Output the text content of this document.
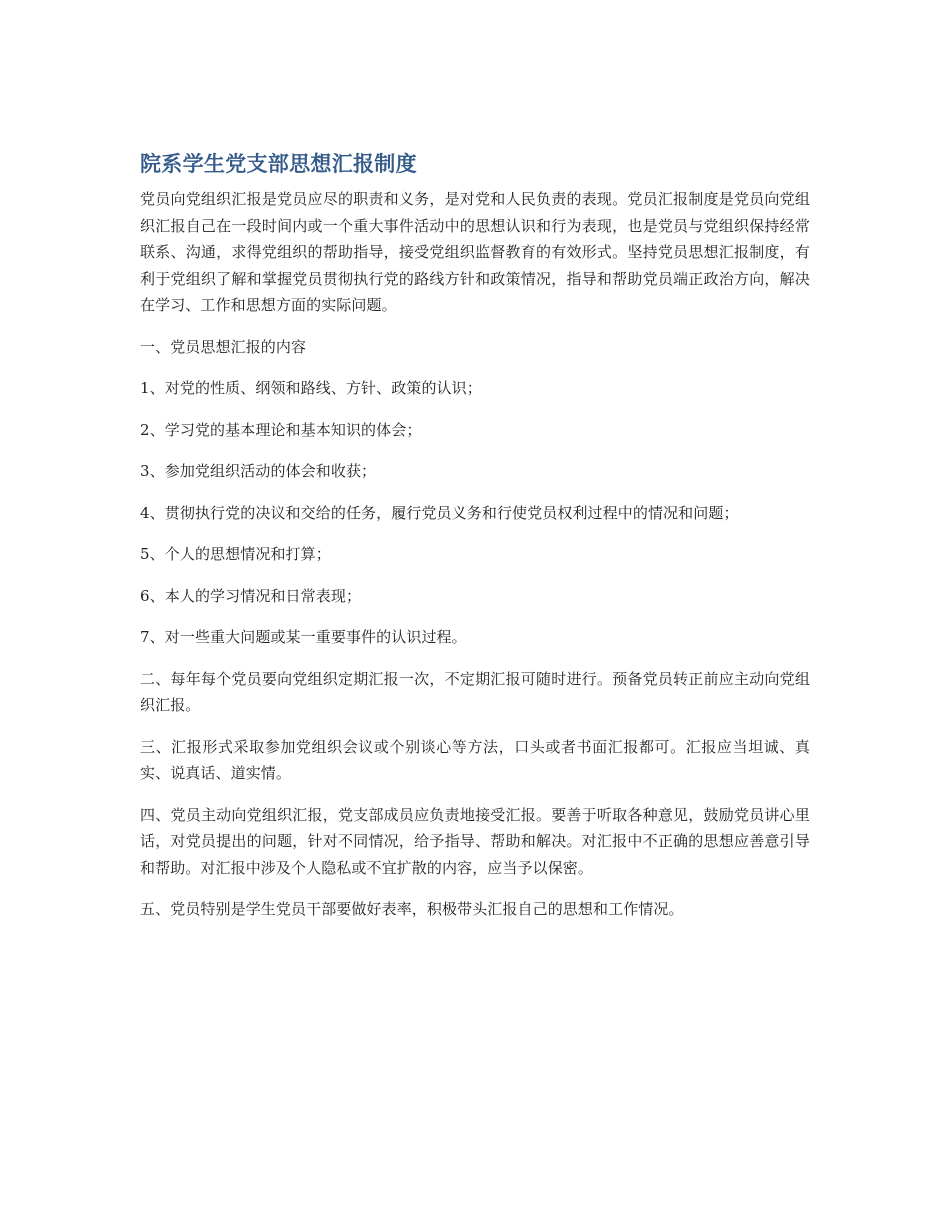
院系学生党支部思想汇报制度

党员向党组织汇报是党员应尽的职责和义务，是对党和人民负责的表现。党员汇报制度是党员向党组织汇报自己在一段时间内或一个重大事件活动中的思想认识和行为表现，也是党员与党组织保持经常联系、沟通，求得党组织的帮助指导，接受党组织监督教育的有效形式。坚持党员思想汇报制度，有利于党组织了解和掌握党员贯彻执行党的路线方针和政策情况，指导和帮助党员端正政治方向，解决在学习、工作和思想方面的实际问题。

一、党员思想汇报的内容

1、对党的性质、纲领和路线、方针、政策的认识；

2、学习党的基本理论和基本知识的体会；

3、参加党组织活动的体会和收获；

4、贯彻执行党的决议和交给的任务，履行党员义务和行使党员权利过程中的情况和问题；

5、个人的思想情况和打算；

6、本人的学习情况和日常表现；

7、对一些重大问题或某一重要事件的认识过程。

二、每年每个党员要向党组织定期汇报一次，不定期汇报可随时进行。预备党员转正前应主动向党组织汇报。

三、汇报形式采取参加党组织会议或个别谈心等方法，口头或者书面汇报都可。汇报应当坦诚、真实、说真话、道实情。

四、党员主动向党组织汇报，党支部成员应负责地接受汇报。要善于听取各种意见，鼓励党员讲心里话，对党员提出的问题，针对不同情况，给予指导、帮助和解决。对汇报中不正确的思想应善意引导和帮助。对汇报中涉及个人隐私或不宜扩散的内容，应当予以保密。

五、党员特别是学生党员干部要做好表率，积极带头汇报自己的思想和工作情况。
